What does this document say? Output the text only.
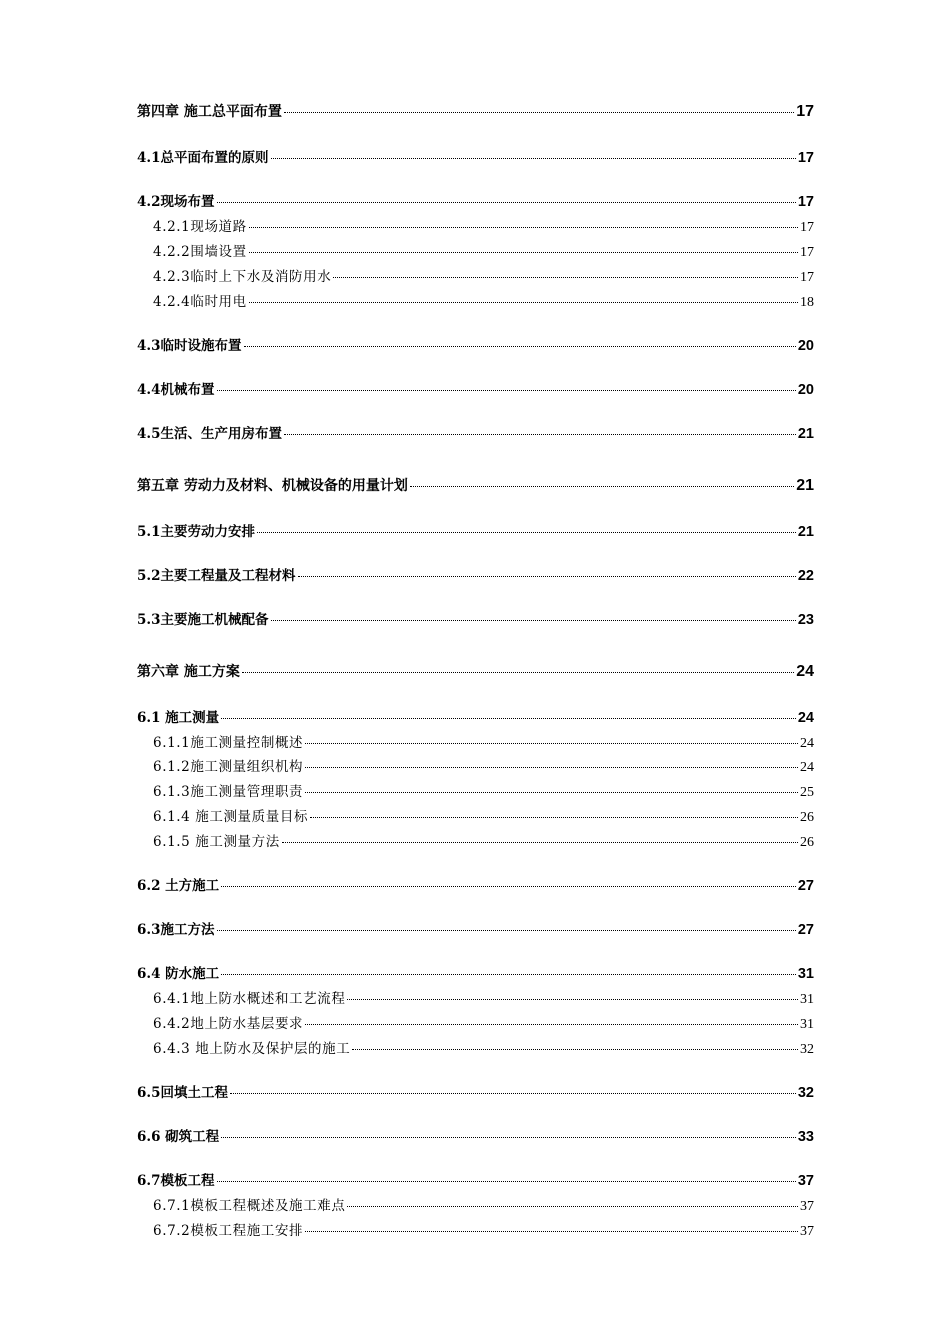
第四章 施工总平面布置	17
4.1总平面布置的原则	17
4.2现场布置	17
4.2.1现场道路	17
4.2.2围墙设置	17
4.2.3临时上下水及消防用水	17
4.2.4临时用电	18
4.3临时设施布置	20
4.4机械布置	20
4.5生活、生产用房布置	21
第五章 劳动力及材料、机械设备的用量计划	21
5.1主要劳动力安排	21
5.2主要工程量及工程材料	22
5.3主要施工机械配备	23
第六章 施工方案	24
6.1 施工测量	24
6.1.1施工测量控制概述	24
6.1.2施工测量组织机构	24
6.1.3施工测量管理职责	25
6.1.4 施工测量质量目标	26
6.1.5 施工测量方法	26
6.2 土方施工	27
6.3施工方法	27
6.4 防水施工	31
6.4.1地上防水概述和工艺流程	31
6.4.2地上防水基层要求	31
6.4.3 地上防水及保护层的施工	32
6.5回填土工程	32
6.6 砌筑工程	33
6.7模板工程	37
6.7.1模板工程概述及施工难点	37
6.7.2模板工程施工安排	37
